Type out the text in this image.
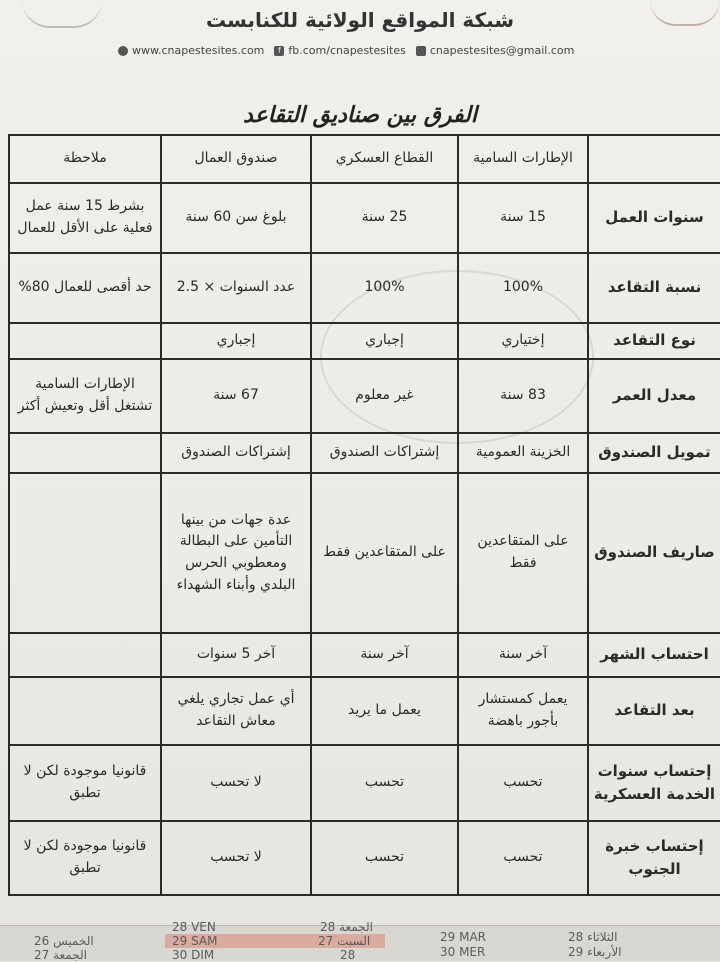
شبكة المواقع الولائية للكنابست
www.cnapestesites.com	f fb.com/cnapestesites cnapestesites@gmail.com
الفرق بين صناديق التقاعد
	الإطارات السامية	القطاع العسكري	صندوق العمال	ملاحظة
سنوات العمل	15 سنة	25 سنة	بلوغ سن 60 سنة	بشرط 15 سنة عمل فعلية على الأقل للعمال
نسبة التقاعد	100%	100%	عدد السنوات × 2.5	حد أقصى للعمال 80%
نوع التقاعد	إختياري	إجباري	إجباري	
معدل العمر	83 سنة	غير معلوم	67 سنة	الإطارات السامية تشتغل أقل وتعيش أكثر
تمويل الصندوق	الخزينة العمومية	إشتراكات الصندوق	إشتراكات الصندوق	
صاريف الصندوق	على المتقاعدين فقط	على المتقاعدين فقط	عدة جهات من بينها التأمين على البطالة ومعطوبي الحرس البلدي وأبناء الشهداء	
احتساب الشهر	آخر سنة	آخر سنة	آخر 5 سنوات	
بعد التقاعد	يعمل كمستشار بأجور باهضة	يعمل ما يريد	أي عمل تجاري يلغي معاش التقاعد	
إحتساب سنوات الخدمة العسكرية	تحسب	تحسب	لا تحسب	قانونيا موجودة لكن لا تطبق
إحتساب خبرة الجنوب	تحسب	تحسب	لا تحسب	قانونيا موجودة لكن لا تطبق
28 VEN	28 الجمعة
29 SAM	27 السبت	29 MAR	28 الثلاثاء
30 DIM	28	30 MER	29 الأربعاء
26 الخميس
27 الجمعة
